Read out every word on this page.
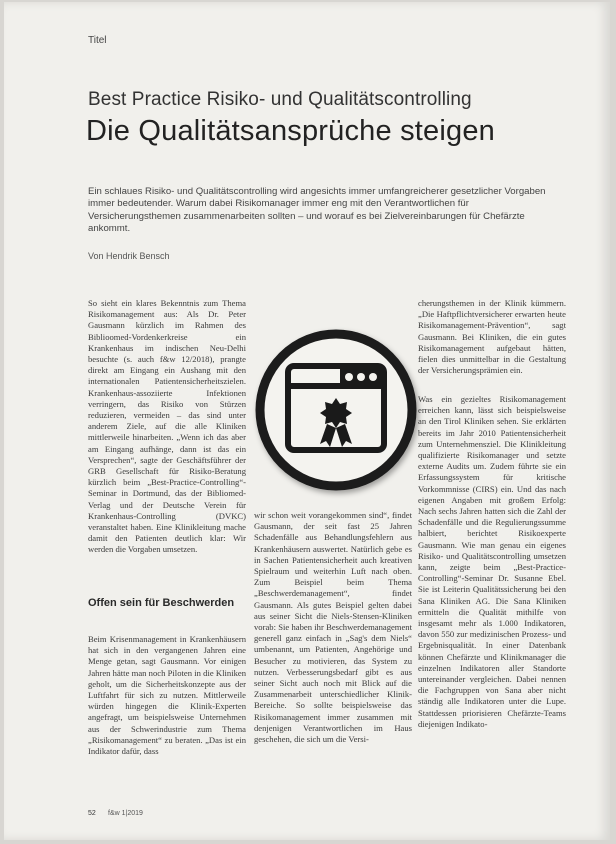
Titel
Best Practice Risiko- und Qualitätscontrolling
Die Qualitätsansprüche steigen
Ein schlaues Risiko- und Qualitätscontrolling wird angesichts immer umfangreicherer gesetzlicher Vorgaben immer bedeutender. Warum dabei Risikomanager immer eng mit den Verantwortlichen für Versicherungsthemen zusammenarbeiten sollten – und worauf es bei Zielvereinbarungen für Chefärzte ankommt.
Von Hendrik Bensch

So sieht ein klares Bekenntnis zum Thema Risikomanagement aus: Als Dr. Peter Gausmann kürzlich im Rahmen des Biblioomed-Vordenkerkreise ein Krankenhaus im indischen Neu-Delhi besuchte (s. auch f&w 12/2018), prangte direkt am Eingang ein Aushang mit den internationalen Patientensicherheitszielen. Krankenhaus-assoziierte Infektionen verringern, das Risiko von Stürzen reduzieren, vermeiden – das sind unter anderem Ziele, auf die alle Kliniken mittlerweile hinarbeiten. „Wenn ich das aber am Eingang aufhänge, dann ist das ein Versprechen“, sagte der Geschäftsführer der GRB Gesellschaft für Risiko-Beratung kürzlich beim „Best-Practice-Controlling“-Seminar in Dortmund, das der Bibliomed-Verlag und der Deutsche Verein für Krankenhaus-Controlling (DVKC) veranstaltet haben. Eine Klinikleitung mache damit den Patienten deutlich klar: Wir werden die Vorgaben umsetzen.

Offen sein für Beschwerden

Beim Krisenmanagement in Krankenhäusern hat sich in den vergangenen Jahren eine Menge getan, sagt Gausmann. Vor einigen Jahren hätte man noch Piloten in die Kliniken geholt, um die Sicherheitskonzepte aus der Luftfahrt für sich zu nutzen. Mittlerweile würden hingegen die Klinik-Experten angefragt, um beispielsweise Unternehmen aus der Schwerindustrie zum Thema „Risikomanagement“ zu beraten. „Das ist ein Indikator dafür, dass

wir schon weit vorangekommen sind“, findet Gausmann, der seit fast 25 Jahren Schadenfälle aus Behandlungsfehlern aus Krankenhäusern auswertet. Natürlich gebe es in Sachen Patientensicherheit auch kreativen Spielraum und weiterhin Luft nach oben. Zum Beispiel beim Thema „Beschwerdemanagement“, findet Gausmann. Als gutes Beispiel gelten dabei aus seiner Sicht die Niels-Stensen-Kliniken vorab: Sie haben ihr Beschwerdemanagement generell ganz einfach in „Sag's dem Niels“ umbenannt, um Patienten, Angehörige und Besucher zu motivieren, das System zu nutzen. Verbesserungsbedarf gibt es aus seiner Sicht auch noch mit Blick auf die Zusammenarbeit unterschiedlicher Klinik-Bereiche. So sollte beispielsweise das Risikomanagement immer zusammen mit denjenigen Verantwortlichen im Haus geschehen, die sich um die Versi-

cherungsthemen in der Klinik kümmern. „Die Haftpflichtversicherer erwarten heute Risikomanagement-Prävention“, sagt Gausmann. Bei Kliniken, die ein gutes Risikomanagement aufgebaut hätten, fielen dies unmittelbar in die Gestaltung der Versicherungsprämien ein.

Was ein gezieltes Risikomanagement erreichen kann, lässt sich beispielsweise an den Tirol Kliniken sehen. Sie erklärten bereits im Jahr 2010 Patientensicherheit zum Unternehmensziel. Die Klinikleitung qualifizierte Risikomanager und setzte externe Audits um. Zudem führte sie ein Erfassungssystem für kritische Vorkommnisse (CIRS) ein. Und das nach eigenen Angaben mit großem Erfolg: Nach sechs Jahren hatten sich die Zahl der Schadenfälle und die Regulierungssumme halbiert, berichtet Risikoexperte Gausmann. Wie man genau ein eigenes Risiko- und Qualitätscontrolling umsetzen kann, zeigte beim „Best-Practice-Controlling“-Seminar Dr. Susanne Ebel. Sie ist Leiterin Qualitätssicherung bei den Sana Kliniken AG. Die Sana Kliniken ermitteln die Qualität mithilfe von insgesamt mehr als 1.000 Indikatoren, davon 550 zur medizinischen Prozess- und Ergebnisqualität. In einer Datenbank können Chefärzte und Klinikmanager die einzelnen Indikatoren aller Standorte untereinander vergleichen. Dabei nennen die Fachgruppen von Sana aber nicht ständig alle Indikatoren unter die Lupe. Stattdessen priorisieren Chefärzte-Teams diejenigen Indikato-

52 f&w 1|2019
